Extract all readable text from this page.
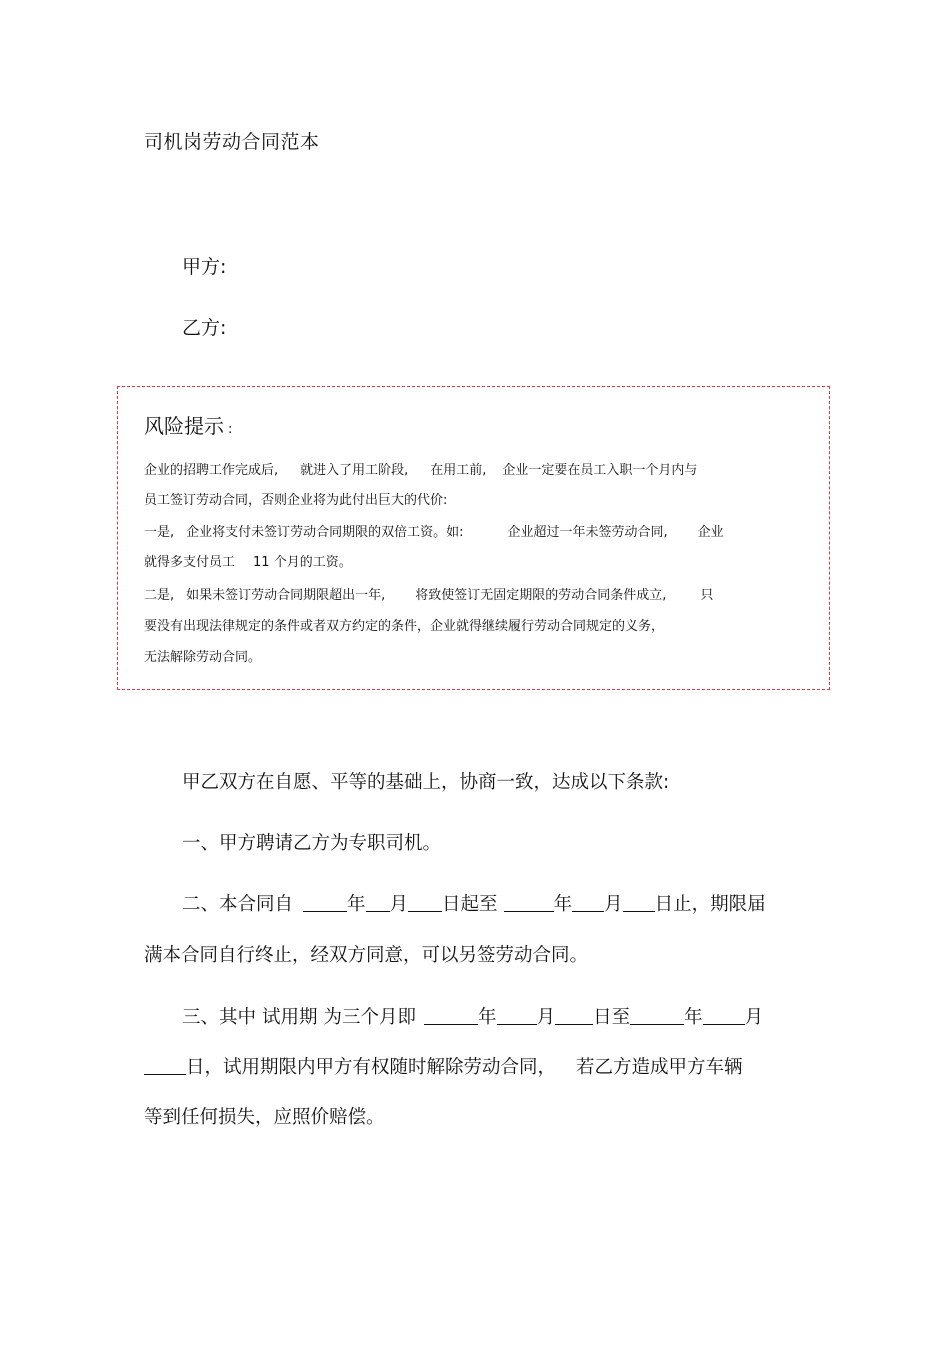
司机岗劳动合同范本
甲方:
乙方:
风险提示 :
企业的招聘工作完成后, 就进入了用工阶段, 在用工前, 企业一定要在员工入职一个月内与
员工签订劳动合同，否则企业将为此付出巨大的代价:
一是, 企业将支付未签订劳动合同期限的双倍工资。如:	企业超过一年未签劳动合同, 企业
就得多支付员工 11 个月的工资。
二是, 如果未签订劳动合同期限超出一年, 将致使签订无固定期限的劳动合同条件成立,	只
要没有出现法律规定的条件或者双方约定的条件，企业就得继续履行劳动合同规定的义务，
无法解除劳动合同。
甲乙双方在自愿、平等的基础上，协商一致，达成以下条款:
一、甲方聘请乙方为专职司机。
二、本合同自	年 月 日起至	年 月 日止，期限届
满本合同自行终止，经双方同意，可以另签劳动合同。
三、其中 试用期 为三个月即	年 月 日至	年 月
日，试用期限内甲方有权随时解除劳动合同， 若乙方造成甲方车辆
等到任何损失，应照价赔偿。
